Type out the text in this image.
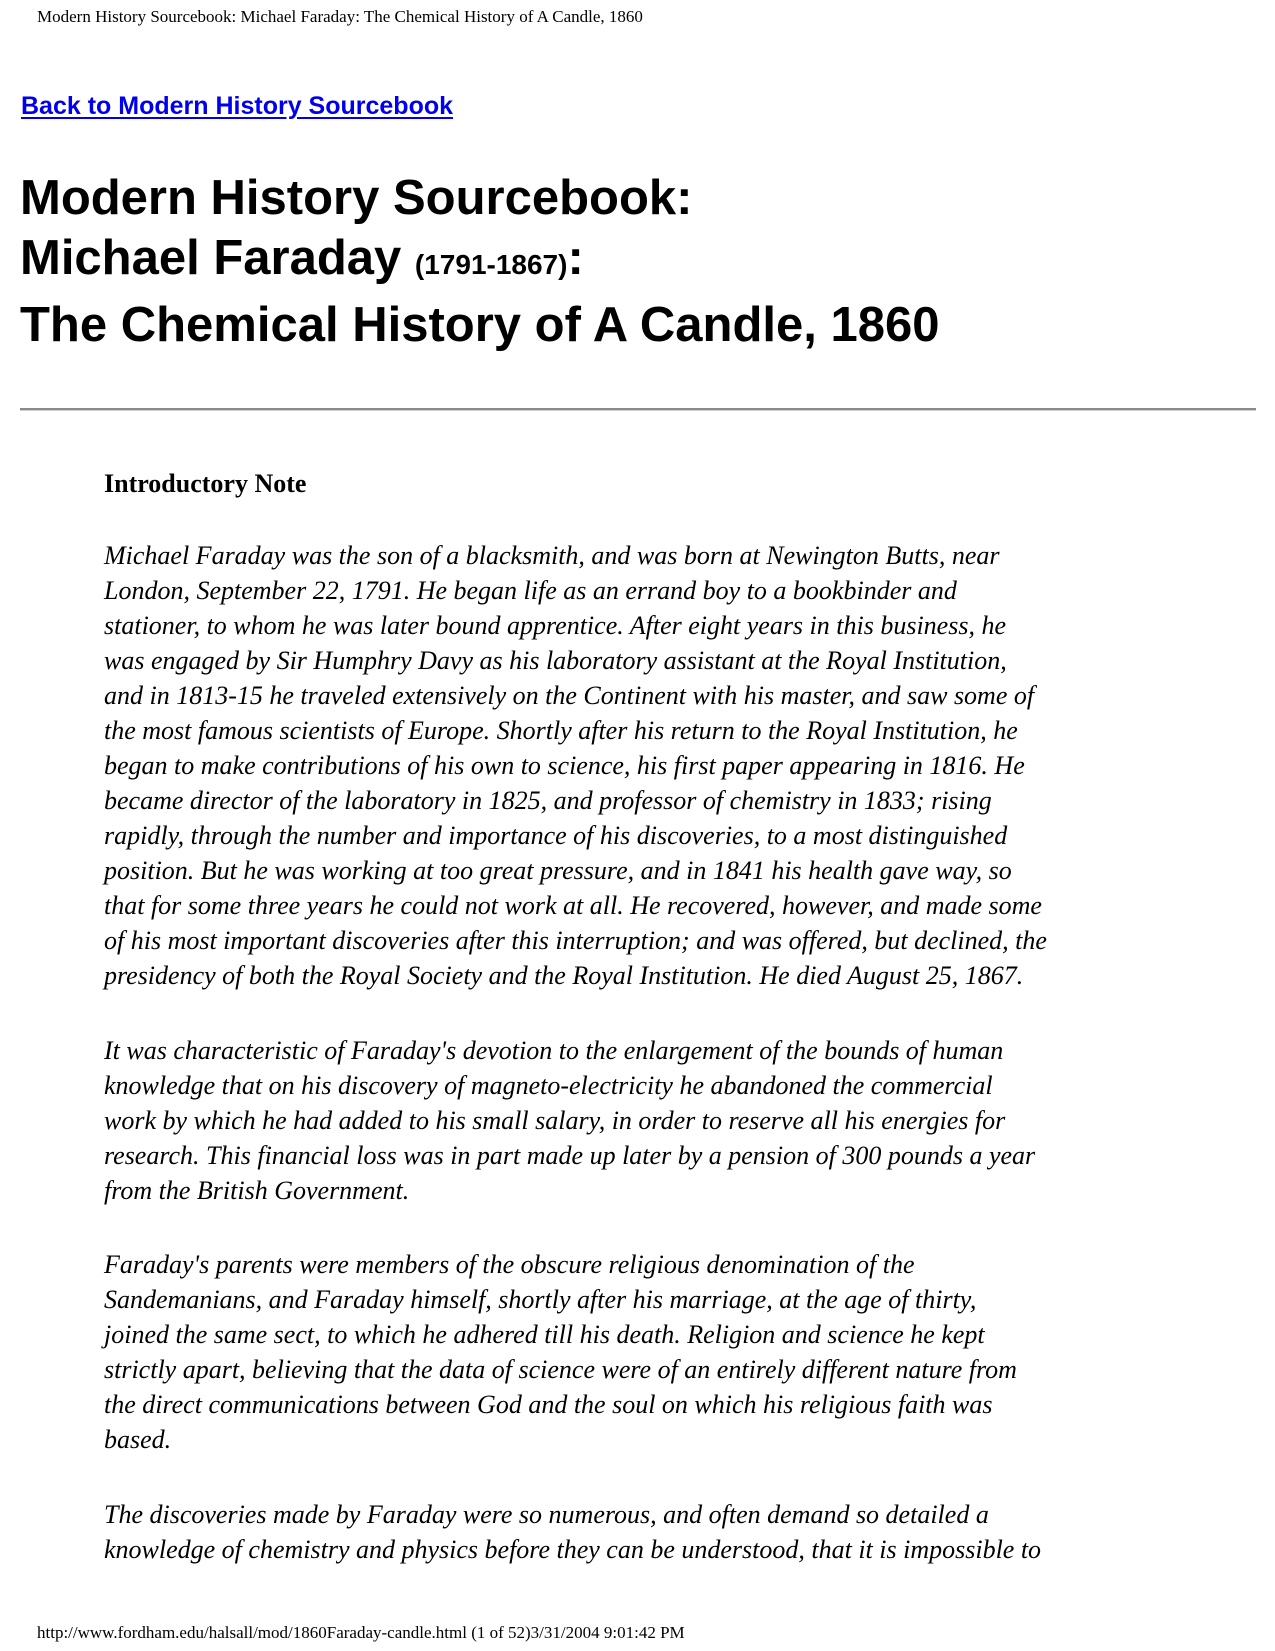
Modern History Sourcebook: Michael Faraday: The Chemical History of A Candle, 1860
Back to Modern History Sourcebook
Modern History Sourcebook:
Michael Faraday (1791-1867):
The Chemical History of A Candle, 1860
Introductory Note

Michael Faraday was the son of a blacksmith, and was born at Newington Butts, near
London, September 22, 1791. He began life as an errand boy to a bookbinder and
stationer, to whom he was later bound apprentice. After eight years in this business, he
was engaged by Sir Humphry Davy as his laboratory assistant at the Royal Institution,
and in 1813-15 he traveled extensively on the Continent with his master, and saw some of
the most famous scientists of Europe. Shortly after his return to the Royal Institution, he
began to make contributions of his own to science, his first paper appearing in 1816. He
became director of the laboratory in 1825, and professor of chemistry in 1833; rising
rapidly, through the number and importance of his discoveries, to a most distinguished
position. But he was working at too great pressure, and in 1841 his health gave way, so
that for some three years he could not work at all. He recovered, however, and made some
of his most important discoveries after this interruption; and was offered, but declined, the
presidency of both the Royal Society and the Royal Institution. He died August 25, 1867.

It was characteristic of Faraday's devotion to the enlargement of the bounds of human
knowledge that on his discovery of magneto-electricity he abandoned the commercial
work by which he had added to his small salary, in order to reserve all his energies for
research. This financial loss was in part made up later by a pension of 300 pounds a year
from the British Government.

Faraday's parents were members of the obscure religious denomination of the
Sandemanians, and Faraday himself, shortly after his marriage, at the age of thirty,
joined the same sect, to which he adhered till his death. Religion and science he kept
strictly apart, believing that the data of science were of an entirely different nature from
the direct communications between God and the soul on which his religious faith was
based.

The discoveries made by Faraday were so numerous, and often demand so detailed a
knowledge of chemistry and physics before they can be understood, that it is impossible to

http://www.fordham.edu/halsall/mod/1860Faraday-candle.html (1 of 52)3/31/2004 9:01:42 PM
